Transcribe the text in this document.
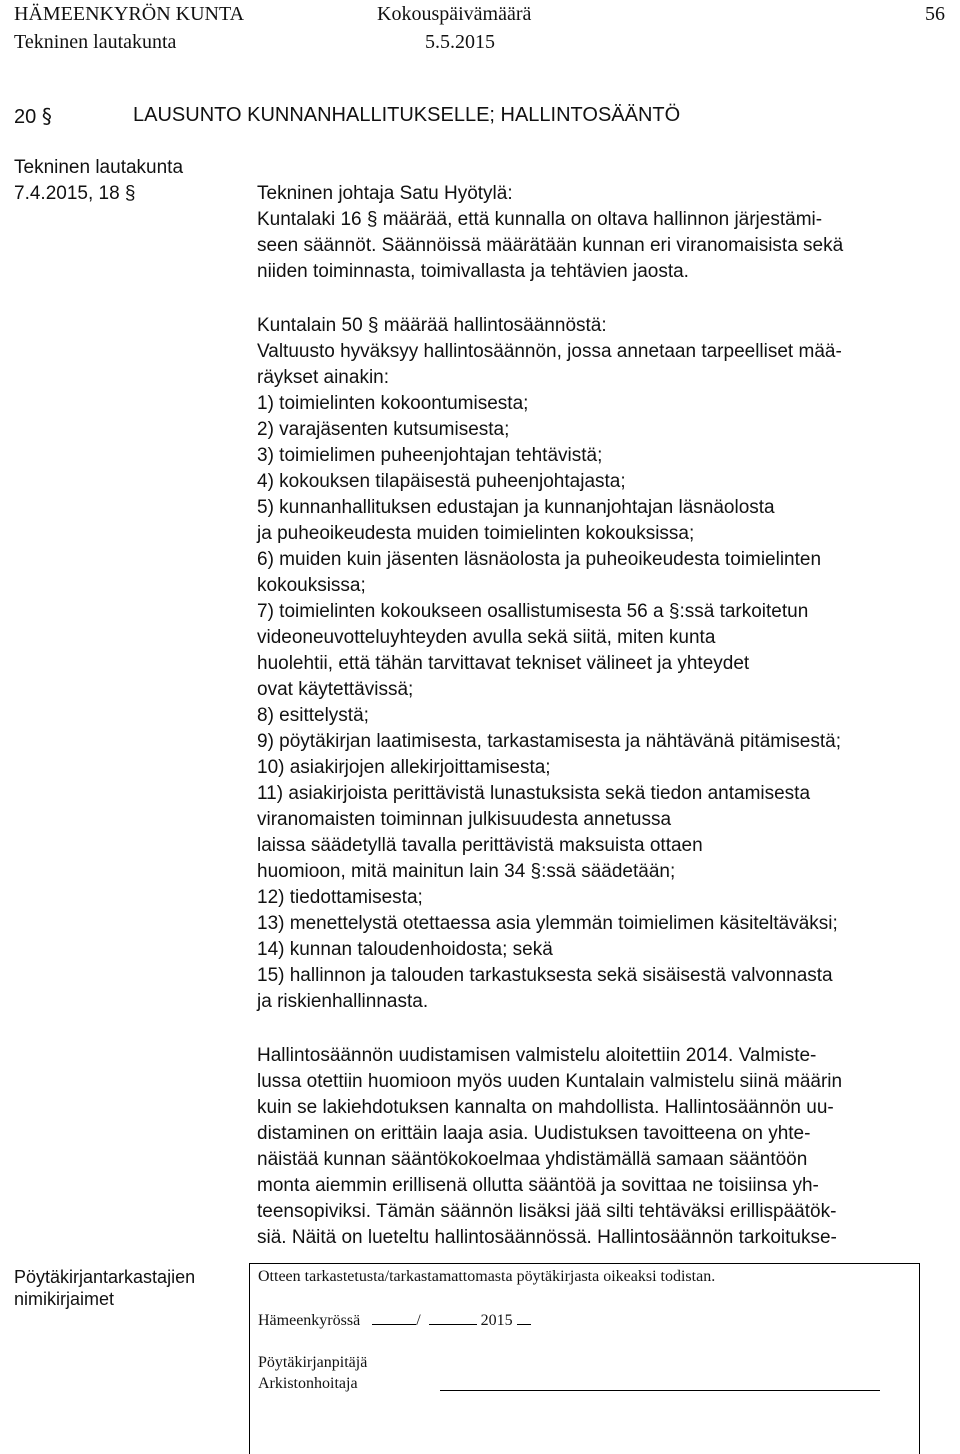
HÄMEENKYRÖN KUNTA	Kokouspäivämäärä	56
Tekninen lautakunta	5.5.2015
20 §	LAUSUNTO KUNNANHALLITUKSELLE; HALLINTOSÄÄNTÖ
Tekninen lautakunta
7.4.2015, 18 §	Tekninen johtaja Satu Hyötylä:
Kuntalaki 16 § määrää, että kunnalla on oltava hallinnon järjestämi-
seen säännöt. Säännöissä määrätään kunnan eri viranomaisista sekä
niiden toiminnasta, toimivallasta ja tehtävien jaosta.
Kuntalain 50 § määrää hallintosäännöstä:
Valtuusto hyväksyy hallintosäännön, jossa annetaan tarpeelliset mää-
räykset ainakin:
1) toimielinten kokoontumisesta;
2) varajäsenten kutsumisesta;
3) toimielimen puheenjohtajan tehtävistä;
4) kokouksen tilapäisestä puheenjohtajasta;
5) kunnanhallituksen edustajan ja kunnanjohtajan läsnäolosta
ja puheoikeudesta muiden toimielinten kokouksissa;
6) muiden kuin jäsenten läsnäolosta ja puheoikeudesta toimielinten
kokouksissa;
7) toimielinten kokoukseen osallistumisesta 56 a §:ssä tarkoitetun
videoneuvotteluyhteyden avulla sekä siitä, miten kunta
huolehtii, että tähän tarvittavat tekniset välineet ja yhteydet
ovat käytettävissä;
8) esittelystä;
9) pöytäkirjan laatimisesta, tarkastamisesta ja nähtävänä pitämisestä;
10) asiakirjojen allekirjoittamisesta;
11) asiakirjoista perittävistä lunastuksista sekä tiedon antamisesta
viranomaisten toiminnan julkisuudesta annetussa
laissa säädetyllä tavalla perittävistä maksuista ottaen
huomioon, mitä mainitun lain 34 §:ssä säädetään;
12) tiedottamisesta;
13) menettelystä otettaessa asia ylemmän toimielimen käsiteltäväksi;
14) kunnan taloudenhoidosta; sekä
15) hallinnon ja talouden tarkastuksesta sekä sisäisestä valvonnasta
ja riskienhallinnasta.
Hallintosäännön uudistamisen valmistelu aloitettiin 2014. Valmiste-
lussa otettiin huomioon myös uuden Kuntalain valmistelu siinä määrin
kuin se lakiehdotuksen kannalta on mahdollista. Hallintosäännön uu-
distaminen on erittäin laaja asia. Uudistuksen tavoitteena on yhte-
näistää kunnan sääntökokoelmaa yhdistämällä samaan sääntöön
monta aiemmin erillisenä ollutta sääntöä ja sovittaa ne toisiinsa yh-
teensopiviksi. Tämän säännön lisäksi jää silti tehtäväksi erillispäätök-
siä. Näitä on lueteltu hallintosäännössä. Hallintosäännön tarkoitukse-
Pöytäkirjantarkastajien
nimikirjaimet
Otteen tarkastetusta/tarkastamattomasta pöytäkirjasta oikeaksi todistan.
Hämeenkyrössä	/	2015
Pöytäkirjanpitäjä
Arkistonhoitaja
